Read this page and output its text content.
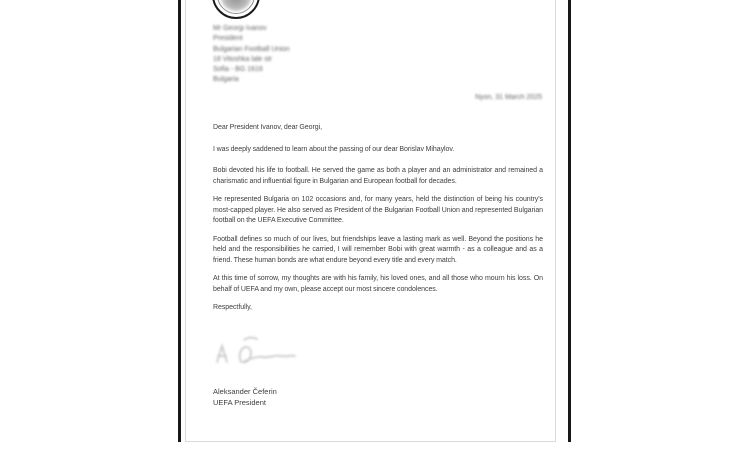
Mr Georgi Ivanov
President
Bulgarian Football Union
18 Vitoshka lale str
Sofia - BG 1616
Bulgaria
Nyon, 31 March 2025
Dear President Ivanov, dear Georgi,
I was deeply saddened to learn about the passing of our dear Borislav Mihaylov.
Bobi devoted his life to football. He served the game as both a player and an administrator and remained a charismatic and influential figure in Bulgarian and European football for decades.
He represented Bulgaria on 102 occasions and, for many years, held the distinction of being his country's most-capped player. He also served as President of the Bulgarian Football Union and represented Bulgarian football on the UEFA Executive Committee.
Football defines so much of our lives, but friendships leave a lasting mark as well. Beyond the positions he held and the responsibilities he carried, I will remember Bobi with great warmth - as a colleague and as a friend. These human bonds are what endure beyond every title and every match.
At this time of sorrow, my thoughts are with his family, his loved ones, and all those who mourn his loss. On behalf of UEFA and my own, please accept our most sincere condolences.
Respectfully,
Aleksander Čeferin
UEFA President
